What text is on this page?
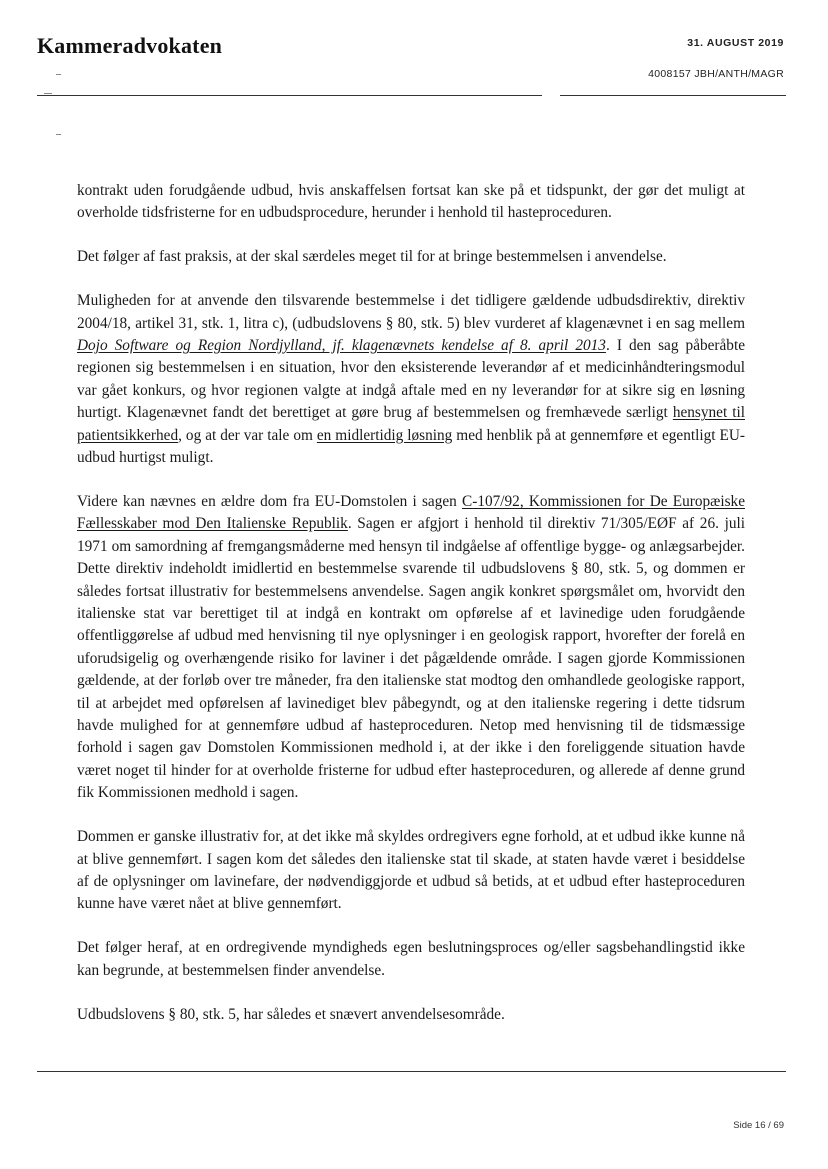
Kammeradvokaten	31. AUGUST 2019
4008157 JBH/ANTH/MAGR

kontrakt uden forudgående udbud, hvis anskaffelsen fortsat kan ske på et tidspunkt, der gør det muligt at overholde tidsfristerne for en udbudsprocedure, herunder i henhold til hasteproceduren.

Det følger af fast praksis, at der skal særdeles meget til for at bringe bestemmelsen i anvendelse.

Muligheden for at anvende den tilsvarende bestemmelse i det tidligere gældende udbudsdirektiv, direktiv 2004/18, artikel 31, stk. 1, litra c), (udbudslovens § 80, stk. 5) blev vurderet af klagenævnet i en sag mellem Dojo Software og Region Nordjylland, jf. klagenævnets kendelse af 8. april 2013. I den sag påberåbte regionen sig bestemmelsen i en situation, hvor den eksisterende leverandør af et medicinhåndteringsmodul var gået konkurs, og hvor regionen valgte at indgå aftale med en ny leverandør for at sikre sig en løsning hurtigt. Klagenævnet fandt det berettiget at gøre brug af bestemmelsen og fremhævede særligt hensynet til patientsikkerhed, og at der var tale om en midlertidig løsning med henblik på at gennemføre et egentligt EU-udbud hurtigst muligt.

Videre kan nævnes en ældre dom fra EU-Domstolen i sagen C-107/92, Kommissionen for De Europæiske Fællesskaber mod Den Italienske Republik. Sagen er afgjort i henhold til direktiv 71/305/EØF af 26. juli 1971 om samordning af fremgangsmåderne med hensyn til indgåelse af offentlige bygge- og anlægsarbejder. Dette direktiv indeholdt imidlertid en bestemmelse svarende til udbudslovens § 80, stk. 5, og dommen er således fortsat illustrativ for bestemmelsens anvendelse. Sagen angik konkret spørgsmålet om, hvorvidt den italienske stat var berettiget til at indgå en kontrakt om opførelse af et lavinedige uden forudgående offentliggørelse af udbud med henvisning til nye oplysninger i en geologisk rapport, hvorefter der forelå en uforudsigelig og overhængende risiko for laviner i det pågældende område. I sagen gjorde Kommissionen gældende, at der forløb over tre måneder, fra den italienske stat modtog den omhandlede geologiske rapport, til at arbejdet med opførelsen af lavinediget blev påbegyndt, og at den italienske regering i dette tidsrum havde mulighed for at gennemføre udbud af hasteproceduren. Netop med henvisning til de tidsmæssige forhold i sagen gav Domstolen Kommissionen medhold i, at der ikke i den foreliggende situation havde været noget til hinder for at overholde fristerne for udbud efter hasteproceduren, og allerede af denne grund fik Kommissionen medhold i sagen.

Dommen er ganske illustrativ for, at det ikke må skyldes ordregivers egne forhold, at et udbud ikke kunne nå at blive gennemført. I sagen kom det således den italienske stat til skade, at staten havde været i besiddelse af de oplysninger om lavinefare, der nødvendiggjorde et udbud så betids, at et udbud efter hasteproceduren kunne have været nået at blive gennemført.

Det følger heraf, at en ordregivende myndigheds egen beslutningsproces og/eller sagsbehandlingstid ikke kan begrunde, at bestemmelsen finder anvendelse.

Udbudslovens § 80, stk. 5, har således et snævert anvendelsesområde.

Side 16 / 69
